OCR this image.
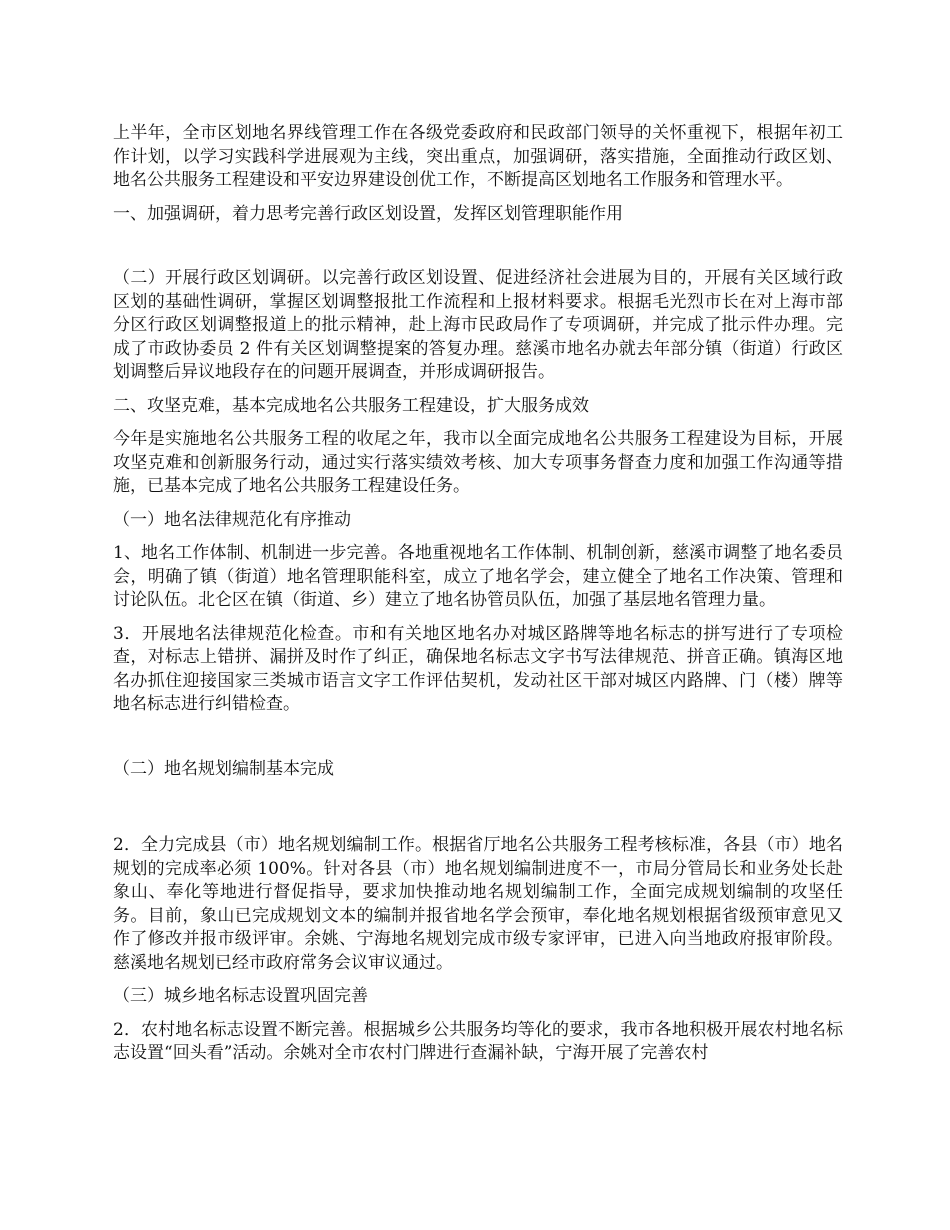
上半年，全市区划地名界线管理工作在各级党委政府和民政部门领导的关怀重视下，根据年初工作计划，以学习实践科学进展观为主线，突出重点，加强调研，落实措施，全面推动行政区划、地名公共服务工程建设和平安边界建设创优工作，不断提高区划地名工作服务和管理水平。

一、加强调研，着力思考完善行政区划设置，发挥区划管理职能作用

（二）开展行政区划调研。以完善行政区划设置、促进经济社会进展为目的，开展有关区域行政区划的基础性调研，掌握区划调整报批工作流程和上报材料要求。根据毛光烈市长在对上海市部分区行政区划调整报道上的批示精神，赴上海市民政局作了专项调研，并完成了批示件办理。完成了市政协委员 2 件有关区划调整提案的答复办理。慈溪市地名办就去年部分镇（街道）行政区划调整后异议地段存在的问题开展调查，并形成调研报告。

二、攻坚克难，基本完成地名公共服务工程建设，扩大服务成效

今年是实施地名公共服务工程的收尾之年，我市以全面完成地名公共服务工程建设为目标，开展攻坚克难和创新服务行动，通过实行落实绩效考核、加大专项事务督查力度和加强工作沟通等措施，已基本完成了地名公共服务工程建设任务。

（一）地名法律规范化有序推动

1、地名工作体制、机制进一步完善。各地重视地名工作体制、机制创新，慈溪市调整了地名委员会，明确了镇（街道）地名管理职能科室，成立了地名学会，建立健全了地名工作决策、管理和讨论队伍。北仑区在镇（街道、乡）建立了地名协管员队伍，加强了基层地名管理力量。

3．开展地名法律规范化检查。市和有关地区地名办对城区路牌等地名标志的拼写进行了专项检查，对标志上错拼、漏拼及时作了纠正，确保地名标志文字书写法律规范、拼音正确。镇海区地名办抓住迎接国家三类城市语言文字工作评估契机，发动社区干部对城区内路牌、门（楼）牌等地名标志进行纠错检查。

（二）地名规划编制基本完成

2．全力完成县（市）地名规划编制工作。根据省厅地名公共服务工程考核标准，各县（市）地名规划的完成率必须 100%。针对各县（市）地名规划编制进度不一，市局分管局长和业务处长赴象山、奉化等地进行督促指导，要求加快推动地名规划编制工作，全面完成规划编制的攻坚任务。目前，象山已完成规划文本的编制并报省地名学会预审，奉化地名规划根据省级预审意见又作了修改并报市级评审。余姚、宁海地名规划完成市级专家评审，已进入向当地政府报审阶段。慈溪地名规划已经市政府常务会议审议通过。

（三）城乡地名标志设置巩固完善

2．农村地名标志设置不断完善。根据城乡公共服务均等化的要求，我市各地积极开展农村地名标志设置“回头看”活动。余姚对全市农村门牌进行查漏补缺，宁海开展了完善农村
